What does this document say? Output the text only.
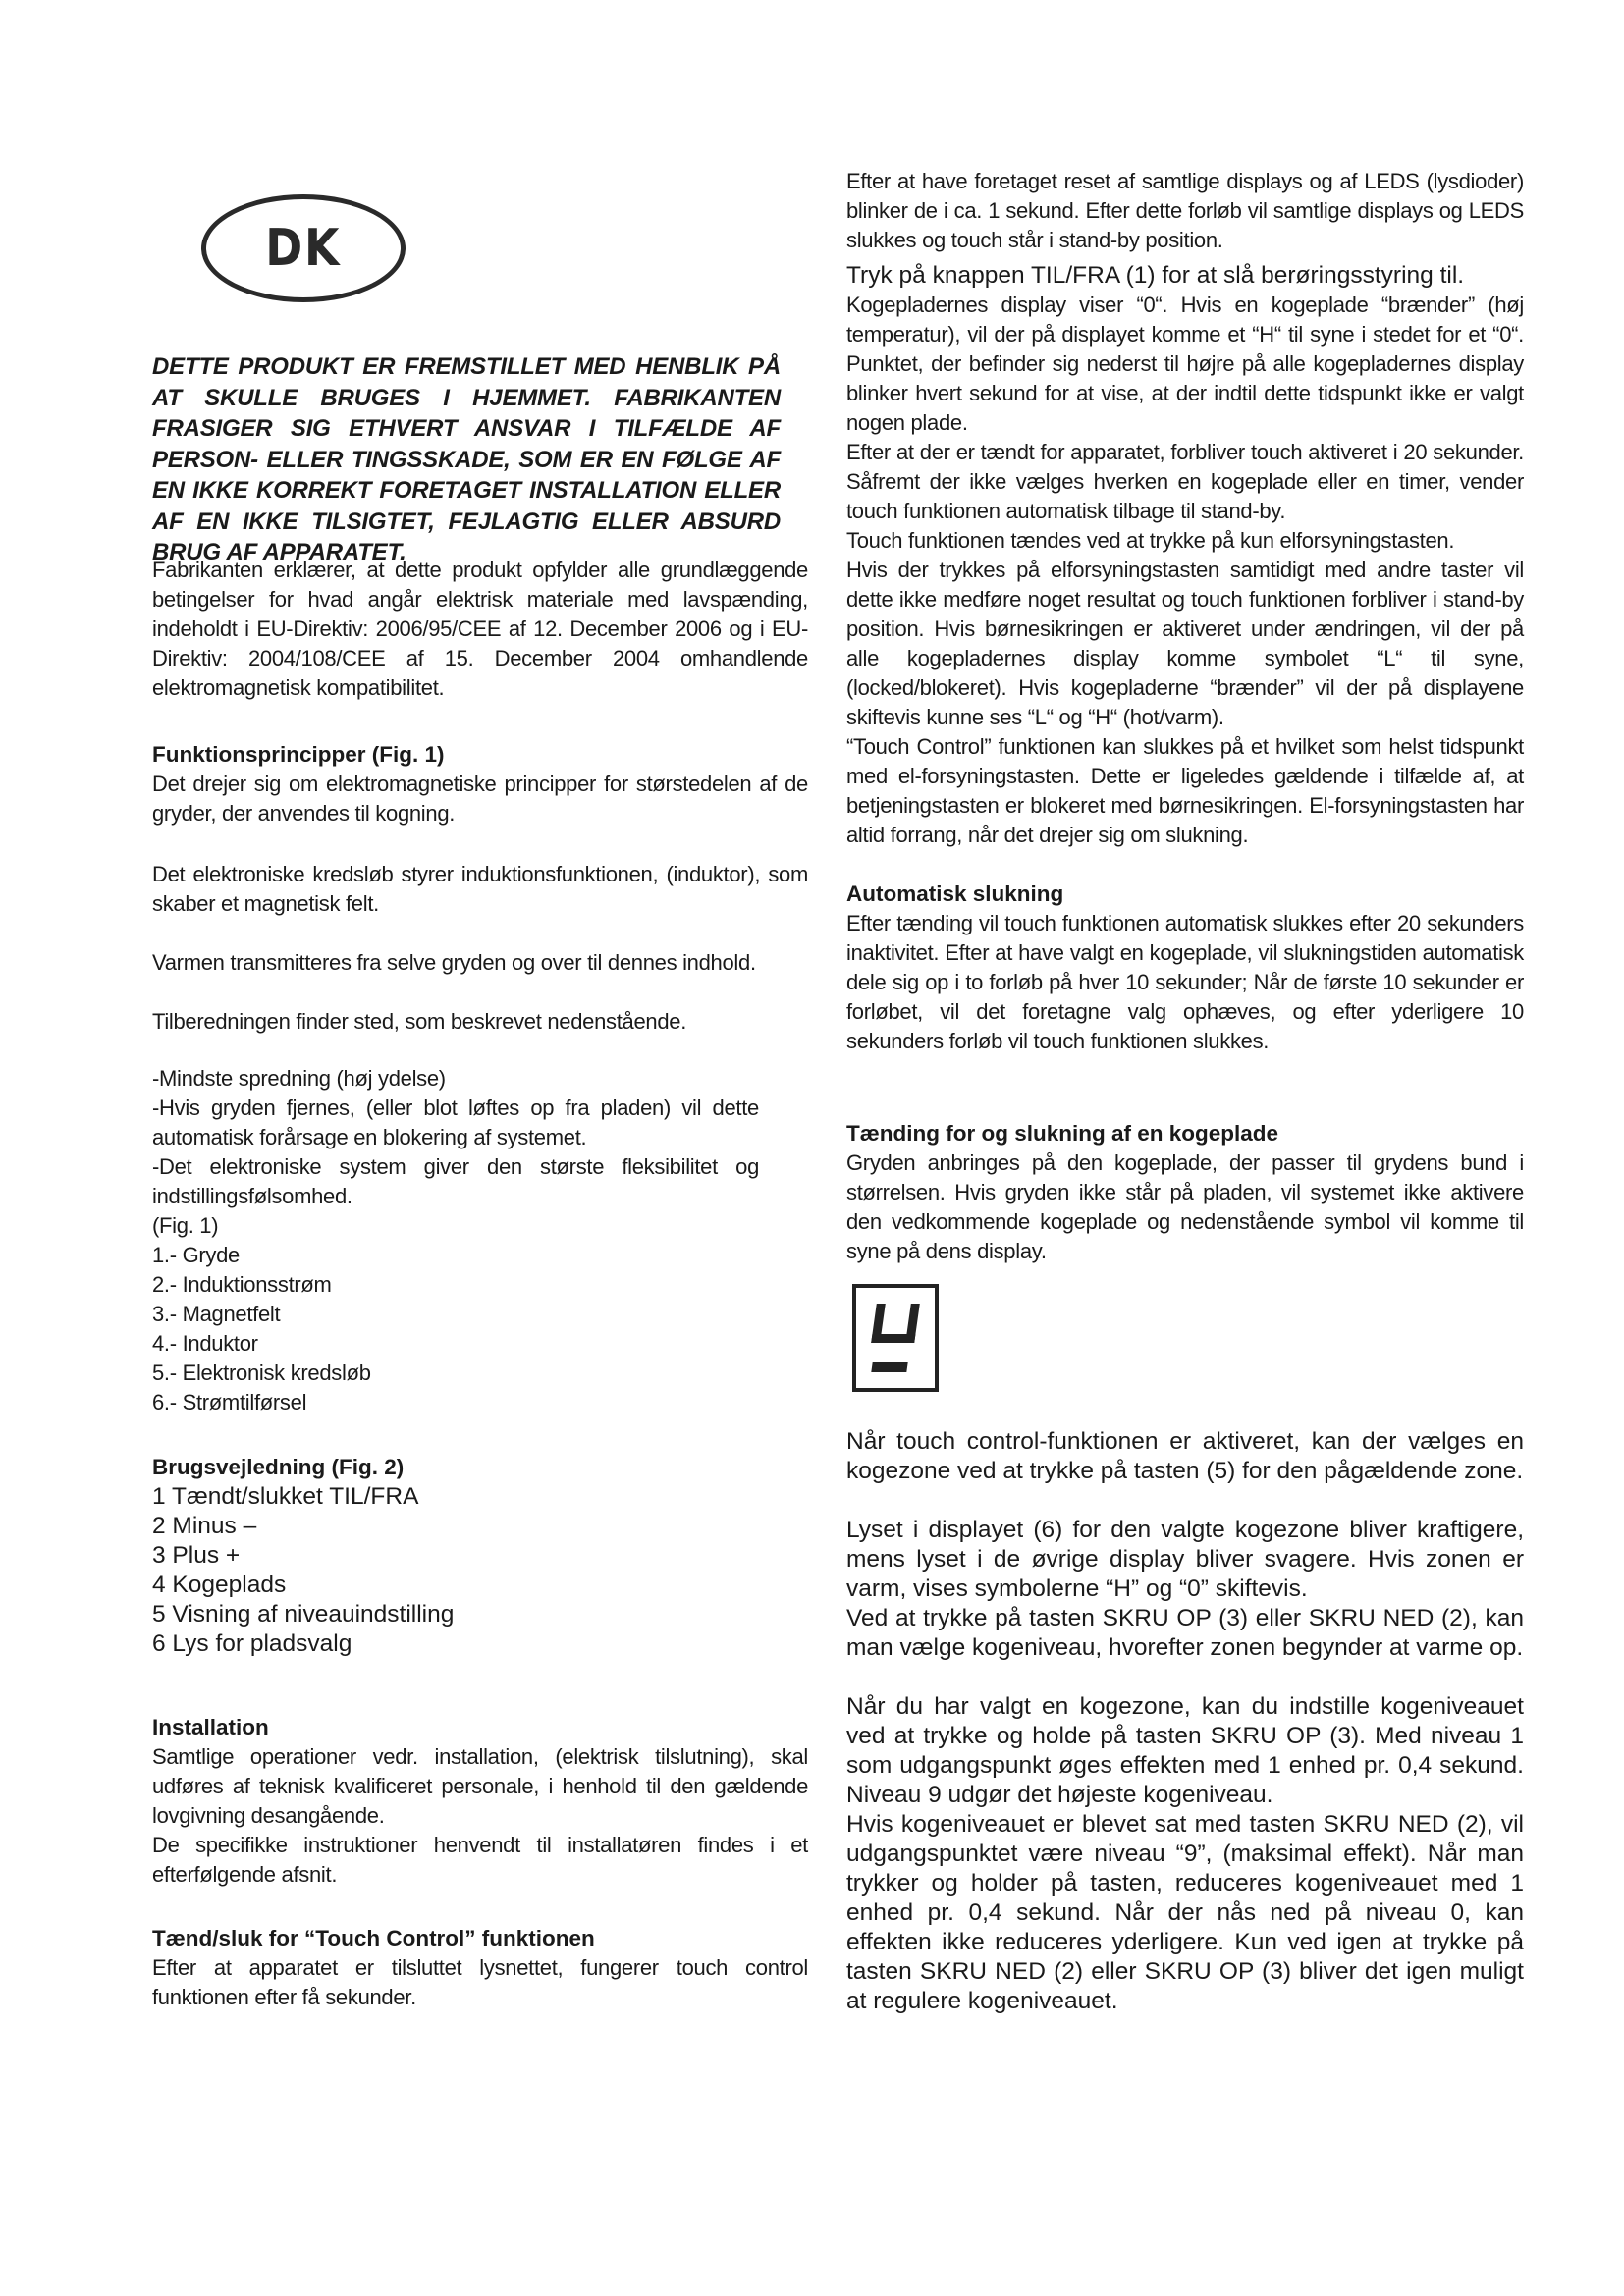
DK
DETTE PRODUKT ER FREMSTILLET MED HENBLIK PÅ AT SKULLE BRUGES I HJEMMET. FABRIKANTEN FRASIGER SIG ETHVERT ANSVAR I TILFÆLDE AF PERSON- ELLER TINGSSKADE, SOM ER EN FØLGE AF EN IKKE KORREKT FORETAGET INSTALLATION ELLER AF EN IKKE TILSIGTET, FEJLAGTIG ELLER ABSURD BRUG AF APPARATET.
Fabrikanten erklærer, at dette produkt opfylder alle grundlæggende betingelser for hvad angår elektrisk materiale med lavspænding, indeholdt i EU-Direktiv: 2006/95/CEE af 12. December 2006 og i EU-Direktiv: 2004/108/CEE af 15. December 2004 omhandlende elektromagnetisk kompatibilitet.

Funktionsprincipper (Fig. 1)

Det drejer sig om elektromagnetiske principper for størstedelen af de gryder, der anvendes til kogning.

Det elektroniske kredsløb styrer induktionsfunktionen, (induktor), som skaber et magnetisk felt.
Varmen transmitteres fra selve gryden og over til dennes indhold.
Tilberedningen finder sted, som beskrevet nedenstående.

-Mindste spredning (høj ydelse)

-Hvis gryden fjernes, (eller blot løftes op fra pladen) vil dette automatisk forårsage en blokering af systemet.

-Det elektroniske system giver den største fleksibilitet og indstillingsfølsomhed.

(Fig. 1)

1.- Gryde

2.- Induktionsstrøm

3.- Magnetfelt

4.- Induktor

5.- Elektronisk kredsløb

6.- Strømtilførsel

Brugsvejledning (Fig. 2)

1 Tændt/slukket TIL/FRA

2 Minus –

3 Plus +

4 Kogeplads

5 Visning af niveauindstilling

6 Lys for pladsvalg

Installation

Samtlige operationer vedr. installation, (elektrisk tilslutning), skal udføres af teknisk kvalificeret personale, i henhold til den gældende lovgivning desangående.

De specifikke instruktioner henvendt til installatøren findes i et efterfølgende afsnit.

Tænd/sluk for “Touch Control” funktionen

Efter at apparatet er tilsluttet lysnettet, fungerer touch control funktionen efter få sekunder.

Efter at have foretaget reset af samtlige displays og af LEDS (lysdioder) blinker de i ca. 1 sekund. Efter dette forløb vil samtlige displays og LEDS slukkes og touch står i stand-by position.
Tryk på knappen TIL/FRA (1) for at slå berøringsstyring til.
Kogepladernes display viser “0“. Hvis en kogeplade “brænder” (høj temperatur), vil der på displayet komme et “H“ til syne i stedet for et “0“. Punktet, der befinder sig nederst til højre på alle kogepladernes display blinker hvert sekund for at vise, at der indtil dette tidspunkt ikke er valgt nogen plade.
Efter at der er tændt for apparatet, forbliver touch aktiveret i 20 sekunder. Såfremt der ikke vælges hverken en kogeplade eller en timer, vender touch funktionen automatisk tilbage til stand-by.
Touch funktionen tændes ved at trykke på kun elforsyningstasten.
Hvis der trykkes på elforsyningstasten samtidigt med andre taster vil dette ikke medføre noget resultat og touch funktionen forbliver i stand-by position. Hvis børnesikringen er aktiveret under ændringen, vil der på alle kogepladernes display komme symbolet “L“ til syne, (locked/blokeret). Hvis kogepladerne “brænder” vil der på displayene skiftevis kunne ses “L“ og “H“ (hot/varm).
“Touch Control” funktionen kan slukkes på et hvilket som helst tidspunkt med el-forsyningstasten. Dette er ligeledes gældende i tilfælde af, at betjeningstasten er blokeret med børnesikringen. El-forsyningstasten har altid forrang, når det drejer sig om slukning.

Automatisk slukning

Efter tænding vil touch funktionen automatisk slukkes efter 20 sekunders inaktivitet. Efter at have valgt en kogeplade, vil slukningstiden automatisk dele sig op i to forløb på hver 10 sekunder; Når de første 10 sekunder er forløbet, vil det foretagne valg ophæves, og efter yderligere 10 sekunders forløb vil touch funktionen slukkes.

Tænding for og slukning af en kogeplade

Gryden anbringes på den kogeplade, der passer til grydens bund i størrelsen. Hvis gryden ikke står på pladen, vil systemet ikke aktivere den vedkommende kogeplade og nedenstående symbol vil komme til syne på dens display.

Når touch control-funktionen er aktiveret, kan der vælges en kogezone ved at trykke på tasten (5) for den pågældende zone.
Lyset i displayet (6) for den valgte kogezone bliver kraftigere, mens lyset i de øvrige display bliver svagere. Hvis zonen er varm, vises symbolerne “H” og “0” skiftevis.
Ved at trykke på tasten SKRU OP (3) eller SKRU NED (2), kan man vælge kogeniveau, hvorefter zonen begynder at varme op.
Når du har valgt en kogezone, kan du indstille kogeniveauet ved at trykke og holde på tasten SKRU OP (3). Med niveau 1 som udgangspunkt øges effekten med 1 enhed pr. 0,4 sekund. Niveau 9 udgør det højeste kogeniveau.
Hvis kogeniveauet er blevet sat med tasten SKRU NED (2), vil udgangspunktet være niveau “9”, (maksimal effekt). Når man trykker og holder på tasten, reduceres kogeniveauet med 1 enhed pr. 0,4 sekund. Når der nås ned på niveau 0, kan effekten ikke reduceres yderligere. Kun ved igen at trykke på tasten SKRU NED (2) eller SKRU OP (3) bliver det igen muligt at regulere kogeniveauet.
